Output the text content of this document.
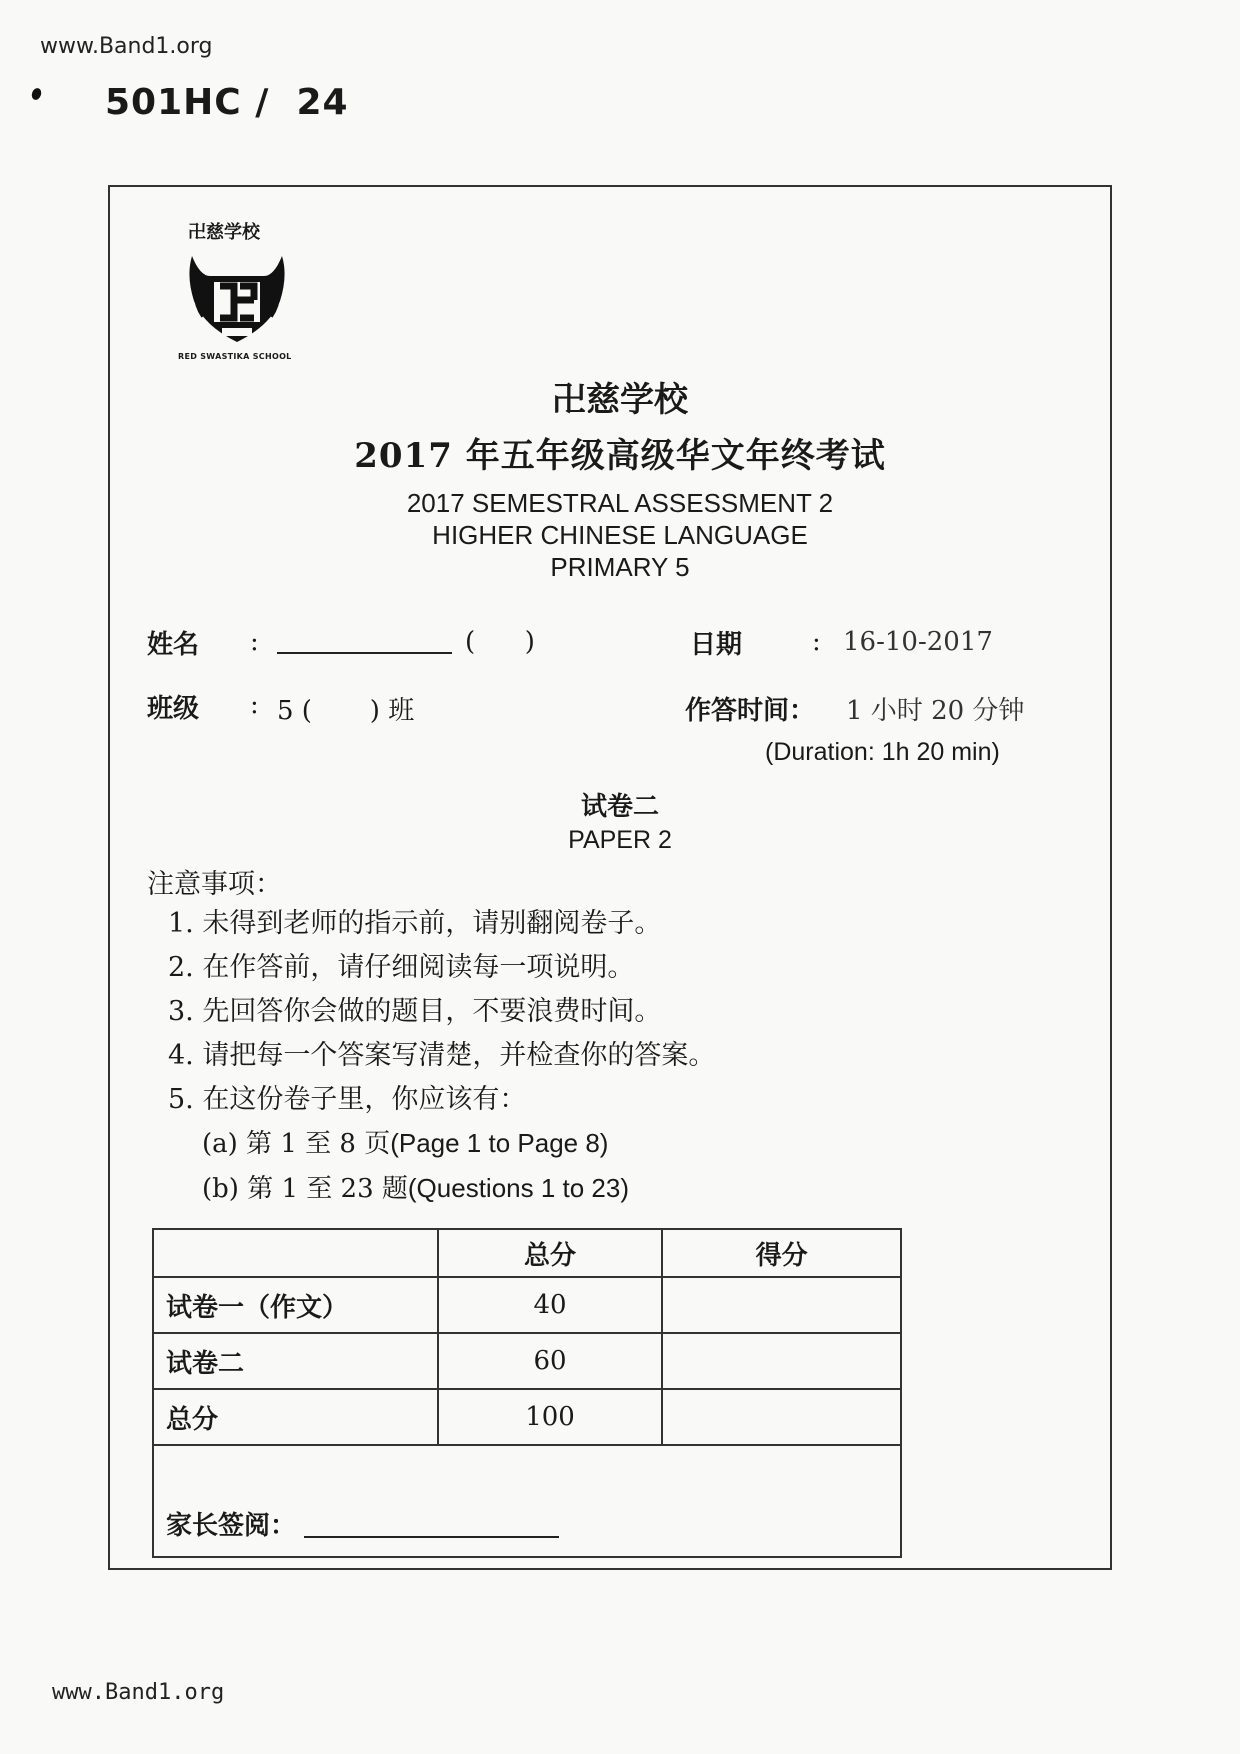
www.Band1.org
501HC /  24
卍慈学校
RED SWASTIKA SCHOOL
卍慈学校
2017 年五年级高级华文年终考试
2017 SEMESTRAL ASSESSMENT 2
HIGHER CHINESE LANGUAGE
PRIMARY 5
姓名 :	(      )	日期	: 16-10-2017
班级 : 5 (       ) 班	作答时间： 1 小时 20 分钟
(Duration: 1h 20 min)
试卷二
PAPER 2
注意事项：
1. 未得到老师的指示前，请别翻阅卷子。
2. 在作答前，请仔细阅读每一项说明。
3. 先回答你会做的题目，不要浪费时间。
4. 请把每一个答案写清楚，并检查你的答案。
5. 在这份卷子里，你应该有：
(a) 第 1 至 8 页(Page 1 to Page 8)
(b) 第 1 至 23 题(Questions 1 to 23)
	总分	得分
试卷一（作文）	40	
试卷二	60	
总分	100	

家长签阅：		
www.Band1.org
